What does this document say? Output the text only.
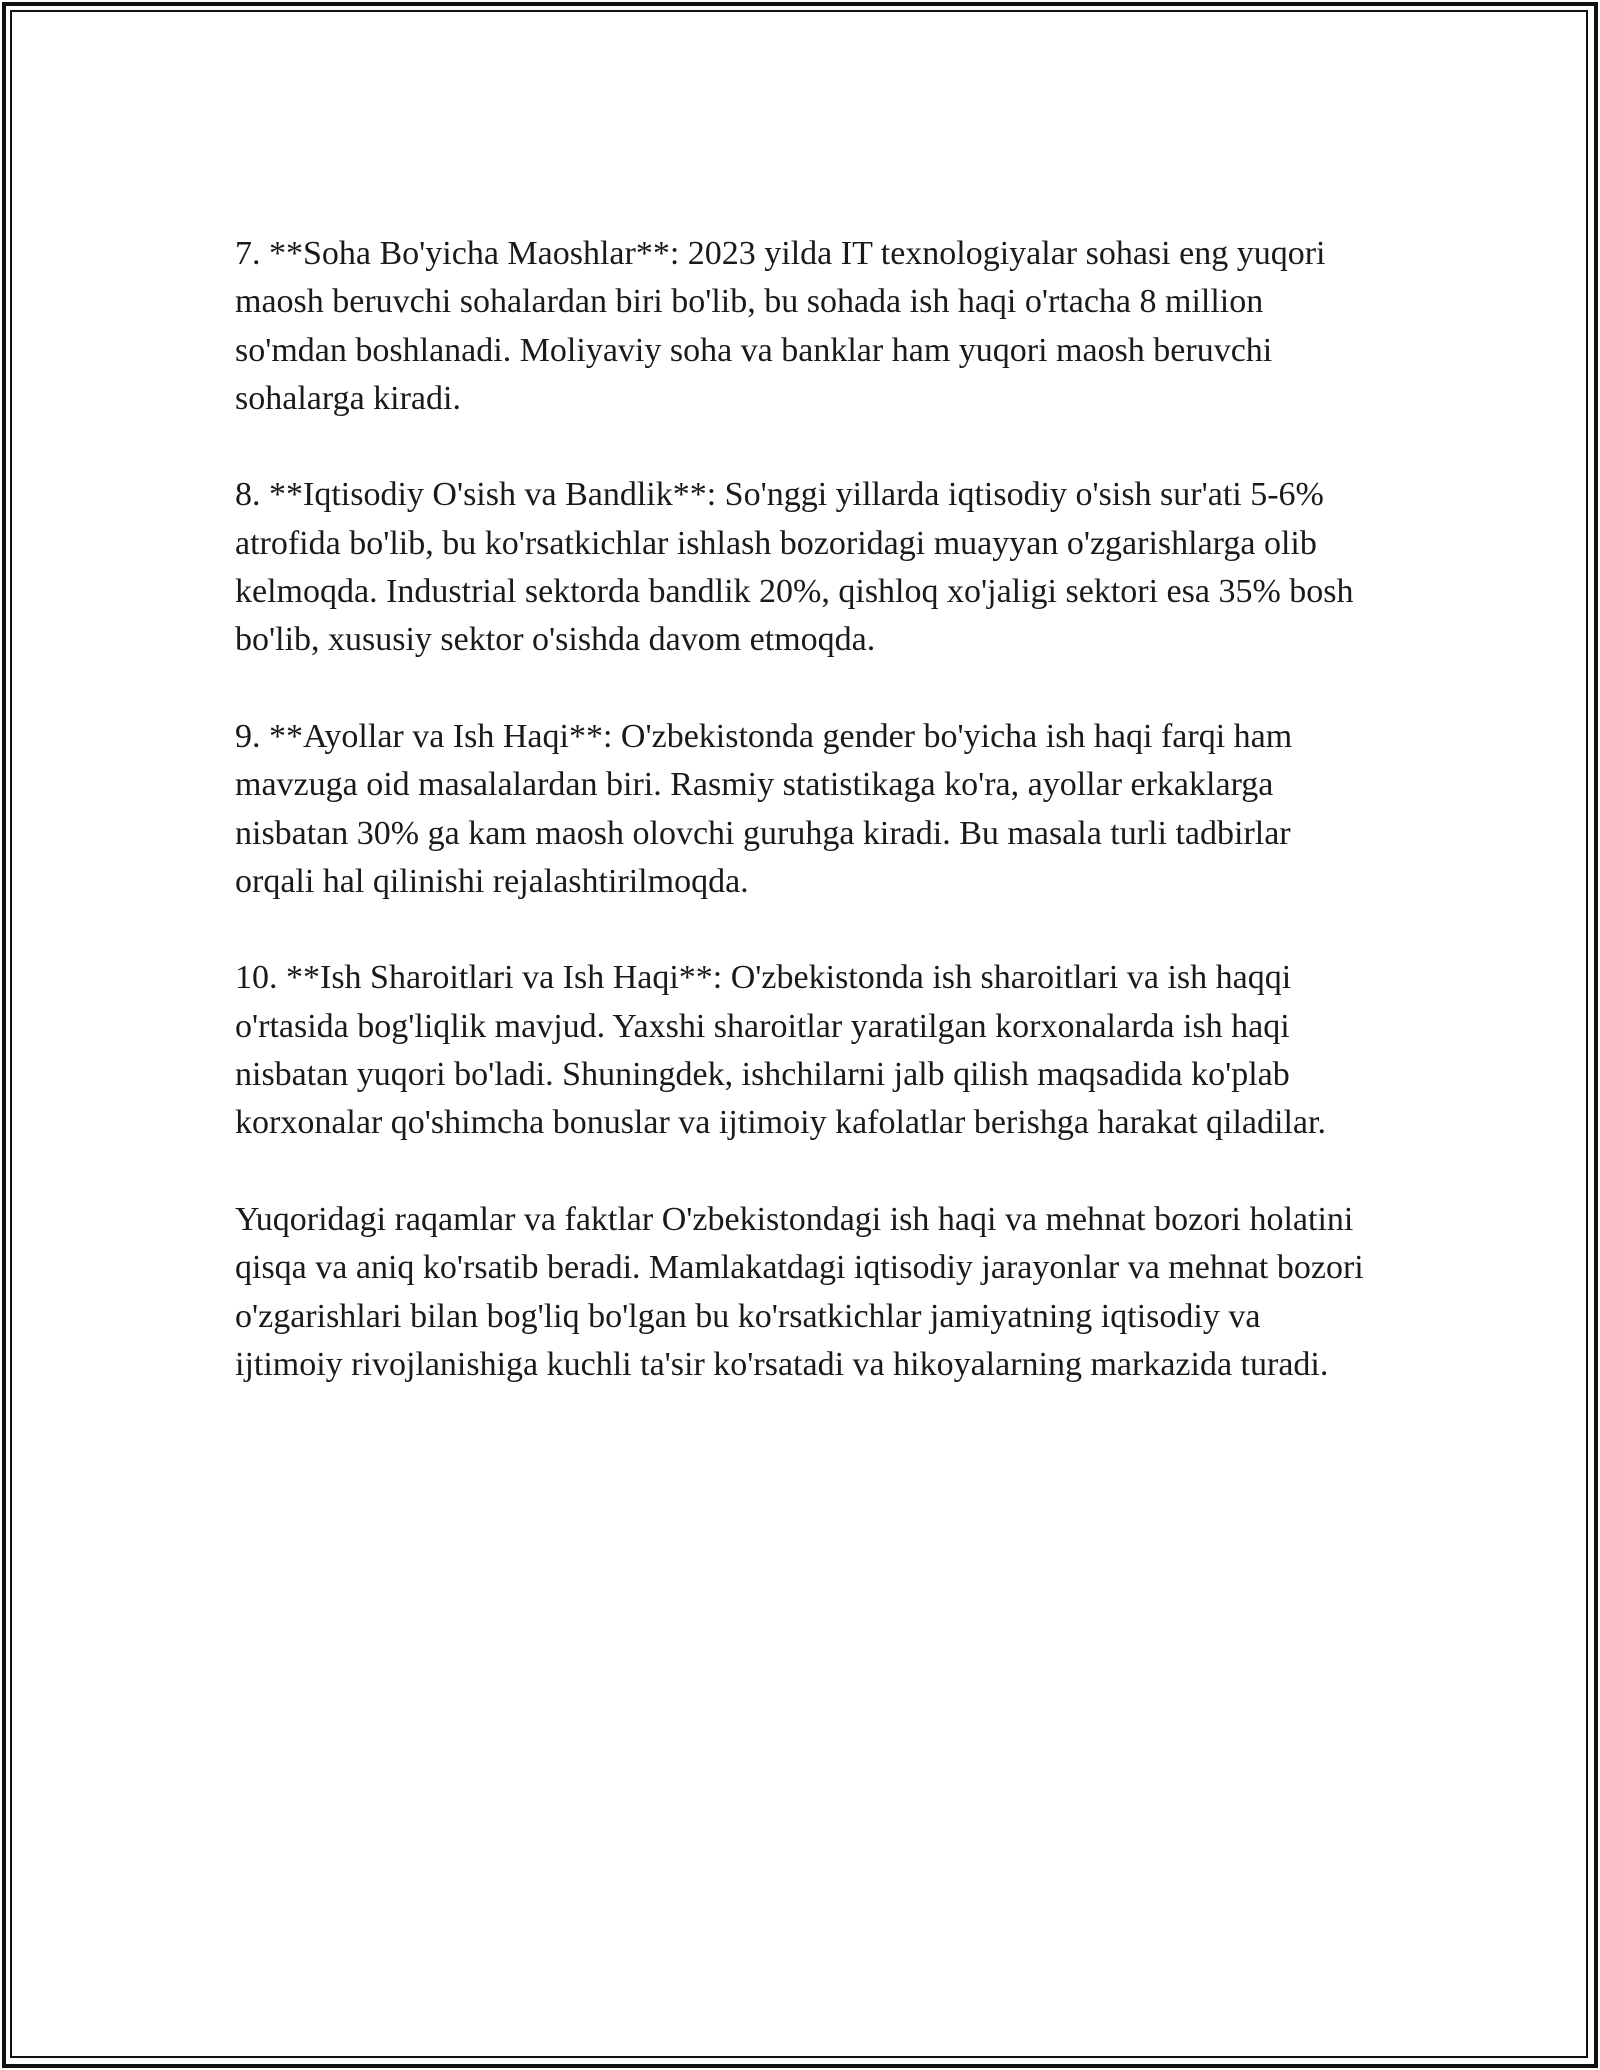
7. **Soha Bo'yicha Maoshlar**: 2023 yilda IT texnologiyalar sohasi eng yuqori maosh beruvchi sohalardan biri bo'lib, bu sohada ish haqi o'rtacha 8 million so'mdan boshlanadi. Moliyaviy soha va banklar ham yuqori maosh beruvchi sohalarga kiradi.

8. **Iqtisodiy O'sish va Bandlik**: So'nggi yillarda iqtisodiy o'sish sur'ati 5-6% atrofida bo'lib, bu ko'rsatkichlar ishlash bozoridagi muayyan o'zgarishlarga olib kelmoqda. Industrial sektorda bandlik 20%, qishloq xo'jaligi sektori esa 35% bosh bo'lib, xususiy sektor o'sishda davom etmoqda.

9. **Ayollar va Ish Haqi**: O'zbekistonda gender bo'yicha ish haqi farqi ham mavzuga oid masalalardan biri. Rasmiy statistikaga ko'ra, ayollar erkaklarga nisbatan 30% ga kam maosh olovchi guruhga kiradi. Bu masala turli tadbirlar orqali hal qilinishi rejalashtirilmoqda.

10. **Ish Sharoitlari va Ish Haqi**: O'zbekistonda ish sharoitlari va ish haqqi o'rtasida bog'liqlik mavjud. Yaxshi sharoitlar yaratilgan korxonalarda ish haqi nisbatan yuqori bo'ladi. Shuningdek, ishchilarni jalb qilish maqsadida ko'plab korxonalar qo'shimcha bonuslar va ijtimoiy kafolatlar berishga harakat qiladilar.

Yuqoridagi raqamlar va faktlar O'zbekistondagi ish haqi va mehnat bozori holatini qisqa va aniq ko'rsatib beradi. Mamlakatdagi iqtisodiy jarayonlar va mehnat bozori o'zgarishlari bilan bog'liq bo'lgan bu ko'rsatkichlar jamiyatning iqtisodiy va ijtimoiy rivojlanishiga kuchli ta'sir ko'rsatadi va hikoyalarning markazida turadi.
